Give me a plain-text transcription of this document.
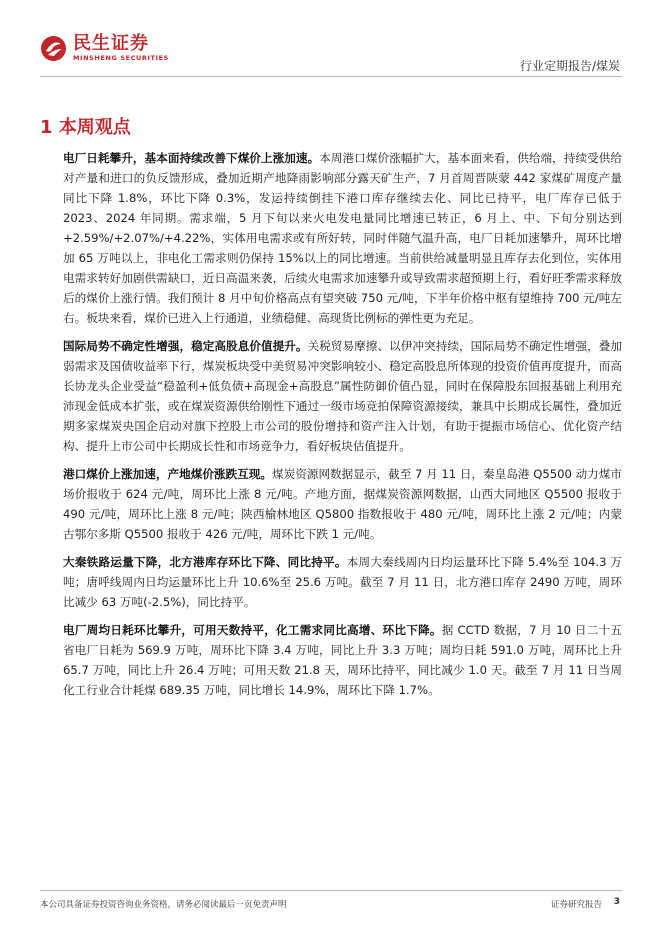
民生证券
MINSHENG SECURITIES
行业定期报告/煤炭
1 本周观点

电厂日耗攀升，基本面持续改善下煤价上涨加速。本周港口煤价涨幅扩大，基本面来看，供给端，持续受供给对产量和进口的负反馈形成，叠加近期产地降雨影响部分露天矿生产，7 月首周晋陕蒙 442 家煤矿周度产量同比下降 1.8%，环比下降 0.3%，发运持续倒挂下港口库存继续去化、同比已持平，电厂库存已低于 2023、2024 年同期。需求端，5 月下旬以来火电发电量同比增速已转正，6 月上、中、下旬分别达到+2.59%/+2.07%/+4.22%，实体用电需求或有所好转，同时伴随气温升高，电厂日耗加速攀升，周环比增加 65 万吨以上，非电化工需求则仍保持 15%以上的同比增速。当前供给减量明显且库存去化到位，实体用电需求转好加剧供需缺口，近日高温来袭，后续火电需求加速攀升或导致需求超预期上行，看好旺季需求释放后的煤价上涨行情。我们预计 8 月中旬价格高点有望突破 750 元/吨，下半年价格中枢有望维持 700 元/吨左右。板块来看，煤价已进入上行通道，业绩稳健、高现货比例标的弹性更为充足。

国际局势不确定性增强，稳定高股息价值提升。关税贸易摩擦、以伊冲突持续，国际局势不确定性增强，叠加弱需求及国债收益率下行，煤炭板块受中美贸易冲突影响较小、稳定高股息所体现的投资价值再度提升，而高长协龙头企业受益“稳盈利+低负债+高现金+高股息”属性防御价值凸显，同时在保障股东回报基础上利用充沛现金低成本扩张，或在煤炭资源供给刚性下通过一级市场竞拍保障资源接续，兼具中长期成长属性，叠加近期多家煤炭央国企启动对旗下控股上市公司的股份增持和资产注入计划，有助于提振市场信心、优化资产结构、提升上市公司中长期成长性和市场竞争力，看好板块估值提升。

港口煤价上涨加速，产地煤价涨跌互现。煤炭资源网数据显示，截至 7 月 11 日，秦皇岛港 Q5500 动力煤市场价报收于 624 元/吨，周环比上涨 8 元/吨。产地方面，据煤炭资源网数据，山西大同地区 Q5500 报收于 490 元/吨，周环比上涨 8 元/吨；陕西榆林地区 Q5800 指数报收于 480 元/吨，周环比上涨 2 元/吨；内蒙古鄂尔多斯 Q5500 报收于 426 元/吨，周环比下跌 1 元/吨。

大秦铁路运量下降，北方港库存环比下降、同比持平。本周大秦线周内日均运量环比下降 5.4%至 104.3 万吨；唐呼线周内日均运量环比上升 10.6%至 25.6 万吨。截至 7 月 11 日，北方港口库存 2490 万吨，周环比减少 63 万吨(-2.5%)，同比持平。

电厂周均日耗环比攀升，可用天数持平，化工需求同比高增、环比下降。据 CCTD 数据，7 月 10 日二十五省电厂日耗为 569.9 万吨，周环比下降 3.4 万吨，同比上升 3.3 万吨；周均日耗 591.0 万吨，周环比上升 65.7 万吨，同比上升 26.4 万吨；可用天数 21.8 天，周环比持平，同比减少 1.0 天。截至 7 月 11 日当周化工行业合计耗煤 689.35 万吨，同比增长 14.9%，周环比下降 1.7%。

本公司具备证券投资咨询业务资格，请务必阅读最后一页免责声明	证券研究报告 3
